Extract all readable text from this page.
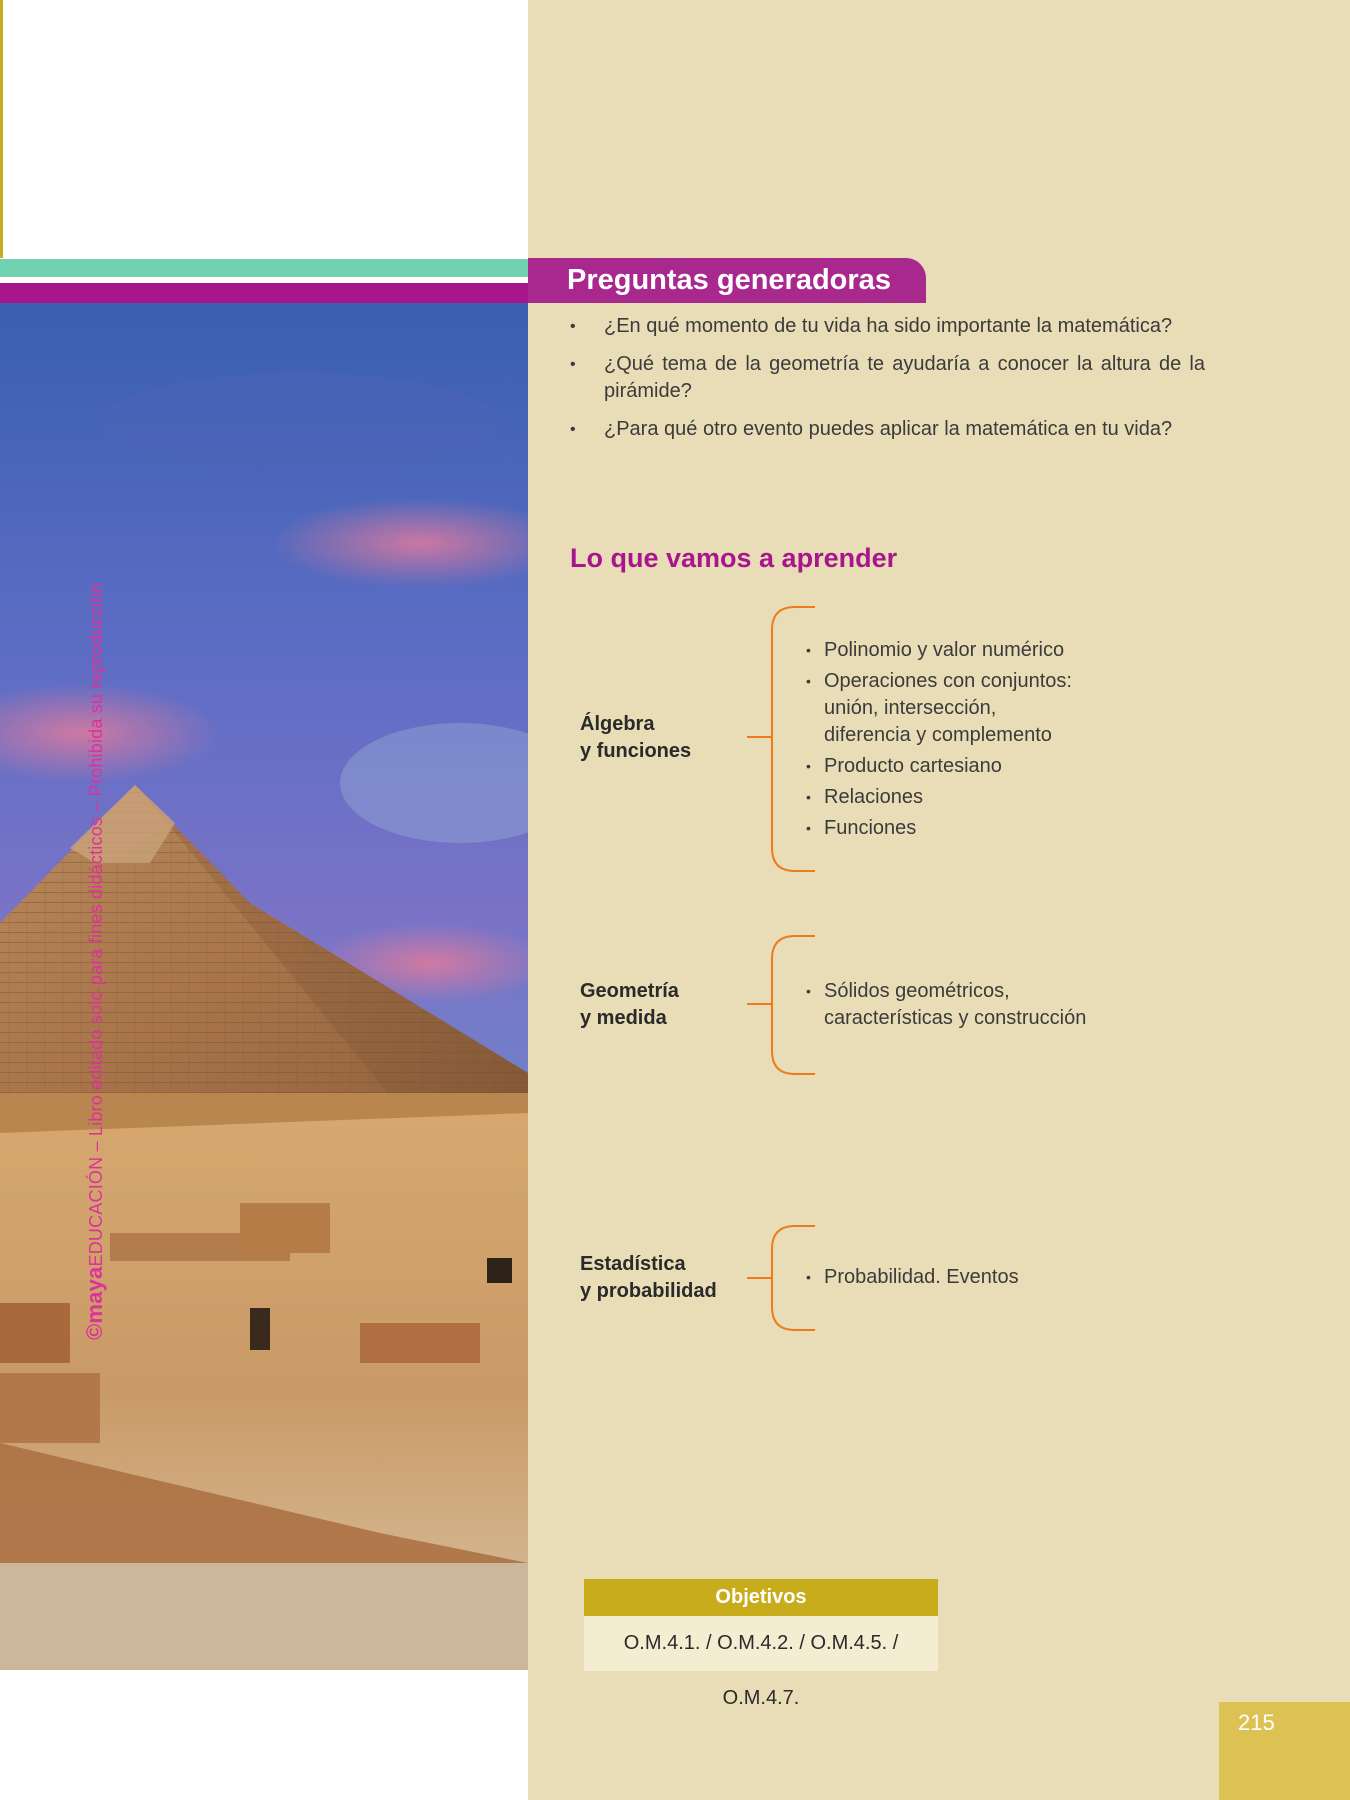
©mayaEDUCACIÓN – Libro editado solo para fines didácticos – Prohibida su reproducción
Preguntas generadoras
• ¿En qué momento de tu vida ha sido importante la matemática?
• ¿Qué tema de la geometría te ayudaría a conocer la altura de la pirámide?
• ¿Para qué otro evento puedes aplicar la matemática en tu vida?
Lo que vamos a aprender
Álgebra
y funciones
• Polinomio y valor numérico
• Operaciones con conjuntos: unión, intersección, diferencia y complemento
• Producto cartesiano
• Relaciones
• Funciones
Geometría
y medida
• Sólidos geométricos, características y construcción
Estadística
y probabilidad
• Probabilidad. Eventos
Objetivos
O.M.4.1. / O.M.4.2. / O.M.4.5. / O.M.4.7.

215
